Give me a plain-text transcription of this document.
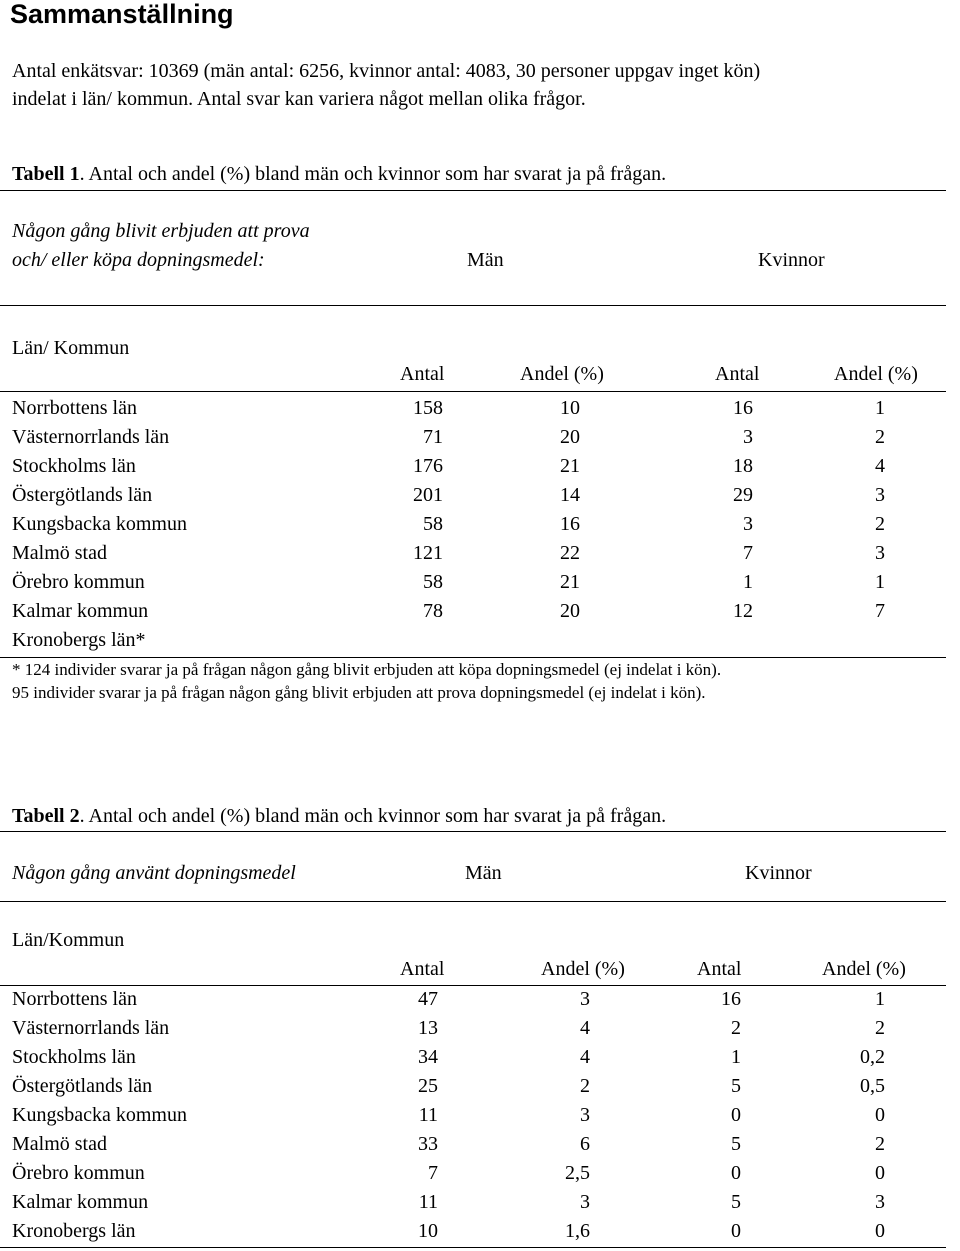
Sammanställning
Antal enkätsvar: 10369 (män antal: 6256, kvinnor antal: 4083, 30 personer uppgav inget kön)
indelat i län/ kommun. Antal svar kan variera något mellan olika frågor.
Tabell 1. Antal och andel (%) bland män och kvinnor som har svarat ja på frågan.
Någon gång blivit erbjuden att prova
och/ eller köpa dopningsmedel:	Män	Kvinnor
Län/ Kommun
Antal	Andel (%)	Antal	Andel (%)
Norrbottens län	158	10	16	1
Västernorrlands län	71	20	3	2
Stockholms län	176	21	18	4
Östergötlands län	201	14	29	3
Kungsbacka kommun	58	16	3	2
Malmö stad	121	22	7	3
Örebro kommun	58	21	1	1
Kalmar kommun	78	20	12	7
Kronobergs län*
* 124 individer svarar ja på frågan någon gång blivit erbjuden att köpa dopningsmedel (ej indelat i kön).
95 individer svarar ja på frågan någon gång blivit erbjuden att prova dopningsmedel (ej indelat i kön).
Tabell 2. Antal och andel (%) bland män och kvinnor som har svarat ja på frågan.
Någon gång använt dopningsmedel	Män	Kvinnor
Län/Kommun
Antal	Andel (%)	Antal	Andel (%)
Norrbottens län	47	3	16	1
Västernorrlands län	13	4	2	2
Stockholms län	34	4	1	0,2
Östergötlands län	25	2	5	0,5
Kungsbacka kommun	11	3	0	0
Malmö stad	33	6	5	2
Örebro kommun	7	2,5	0	0
Kalmar kommun	11	3	5	3
Kronobergs län	10	1,6	0	0
